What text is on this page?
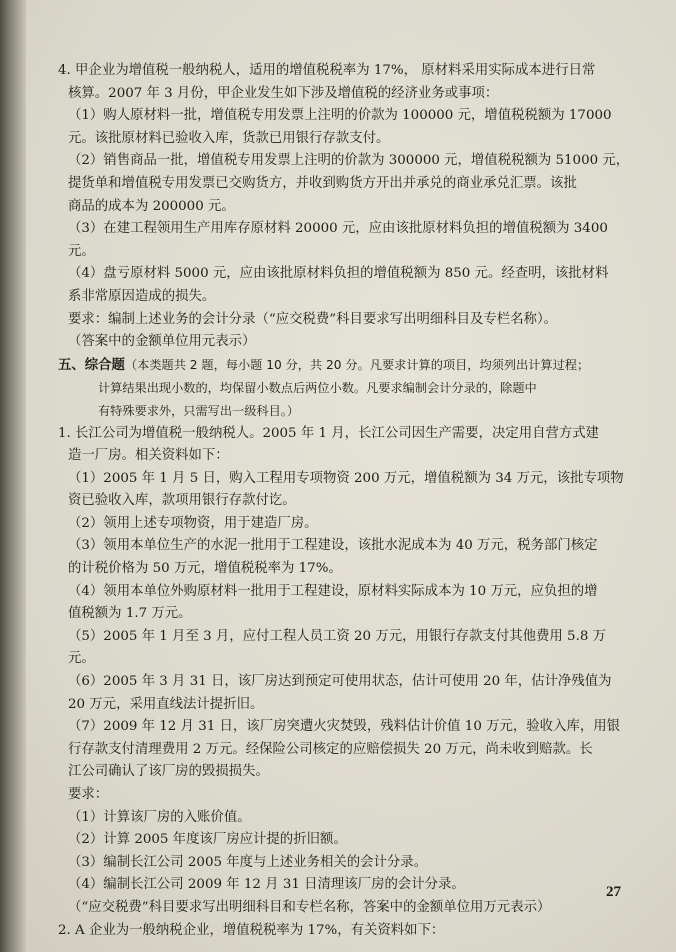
4. 甲企业为增值税一般纳税人，适用的增值税税率为 17%， 原材料采用实际成本进行日常
核算。2007 年 3 月份，甲企业发生如下涉及增值税的经济业务或事项：
（1）购人原材料一批，增值税专用发票上注明的价款为 100000 元，增值税税额为 17000
元。该批原材料已验收入库，货款已用银行存款支付。
（2）销售商品一批，增值税专用发票上注明的价款为 300000 元，增值税税额为 51000 元，
提货单和增值税专用发票已交购货方，并收到购货方开出并承兑的商业承兑汇票。该批
商品的成本为 200000 元。
（3）在建工程领用生产用库存原材料 20000 元，应由该批原材料负担的增值税额为 3400
元。
（4）盘亏原材料 5000 元，应由该批原材料负担的增值税额为 850 元。经查明，该批材料
系非常原因造成的损失。
要求：编制上述业务的会计分录（“应交税费”科目要求写出明细科目及专栏名称）。
（答案中的金额单位用元表示）
五、综合题（本类题共 2 题，每小题 10 分，共 20 分。凡要求计算的项目，均须列出计算过程；
计算结果出现小数的，均保留小数点后两位小数。凡要求编制会计分录的，除题中
有特殊要求外，只需写出一级科目。）
1. 长江公司为增值税一般纳税人。2005 年 1 月，长江公司因生产需要，决定用自营方式建
造一厂房。相关资料如下：
（1）2005 年 1 月 5 日，购入工程用专项物资 200 万元，增值税额为 34 万元，该批专项物
资已验收入库，款项用银行存款付讫。
（2）领用上述专项物资，用于建造厂房。
（3）领用本单位生产的水泥一批用于工程建设，该批水泥成本为 40 万元，税务部门核定
的计税价格为 50 万元，增值税税率为 17%。
（4）领用本单位外购原材料一批用于工程建设，原材料实际成本为 10 万元，应负担的增
值税额为 1.7 万元。
（5）2005 年 1 月至 3 月，应付工程人员工资 20 万元，用银行存款支付其他费用 5.8 万
元。
（6）2005 年 3 月 31 日，该厂房达到预定可使用状态，估计可使用 20 年，估计净残值为
20 万元，采用直线法计提折旧。
（7）2009 年 12 月 31 日，该厂房突遭火灾焚毁，残料估计价值 10 万元，验收入库，用银
行存款支付清理费用 2 万元。经保险公司核定的应赔偿损失 20 万元，尚未收到赔款。长
江公司确认了该厂房的毁损损失。
要求：
（1）计算该厂房的入账价值。
（2）计算 2005 年度该厂房应计提的折旧额。
（3）编制长江公司 2005 年度与上述业务相关的会计分录。
（4）编制长江公司 2009 年 12 月 31 日清理该厂房的会计分录。
（“应交税费”科目要求写出明细科目和专栏名称，答案中的金额单位用万元表示）
2. A 企业为一般纳税企业，增值税税率为 17%，有关资料如下：
27
